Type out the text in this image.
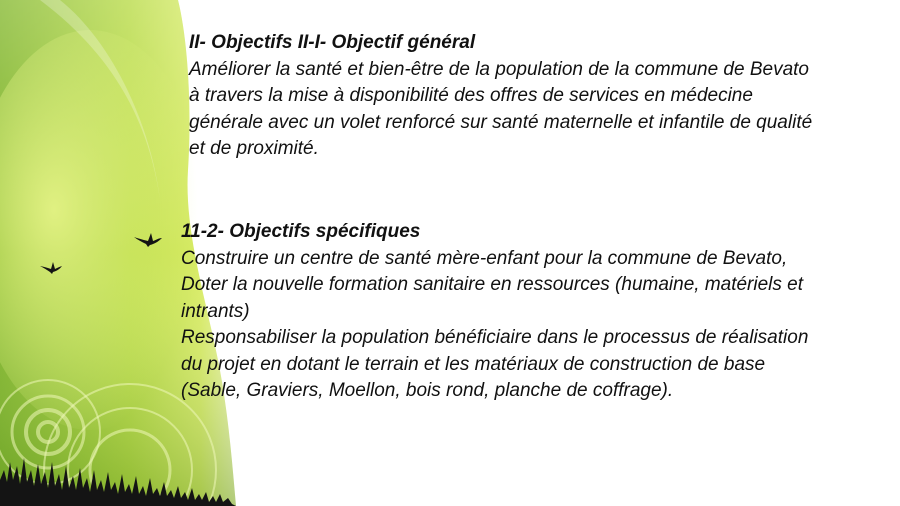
II- Objectifs II-I- Objectif général
Améliorer la santé et bien-être de la population de la commune de Bevato
à travers la mise à disponibilité des offres de services en médecine
générale avec un volet renforcé sur santé maternelle et infantile de qualité
et de proximité.
11-2- Objectifs spécifiques
Construire un centre de santé mère-enfant pour la commune de Bevato,
Doter la nouvelle formation sanitaire en ressources (humaine, matériels et
intrants)
Responsabiliser la population bénéficiaire dans le processus de réalisation
du projet en dotant le terrain et les matériaux de construction de base
(Sable, Graviers, Moellon, bois rond, planche de coffrage).
